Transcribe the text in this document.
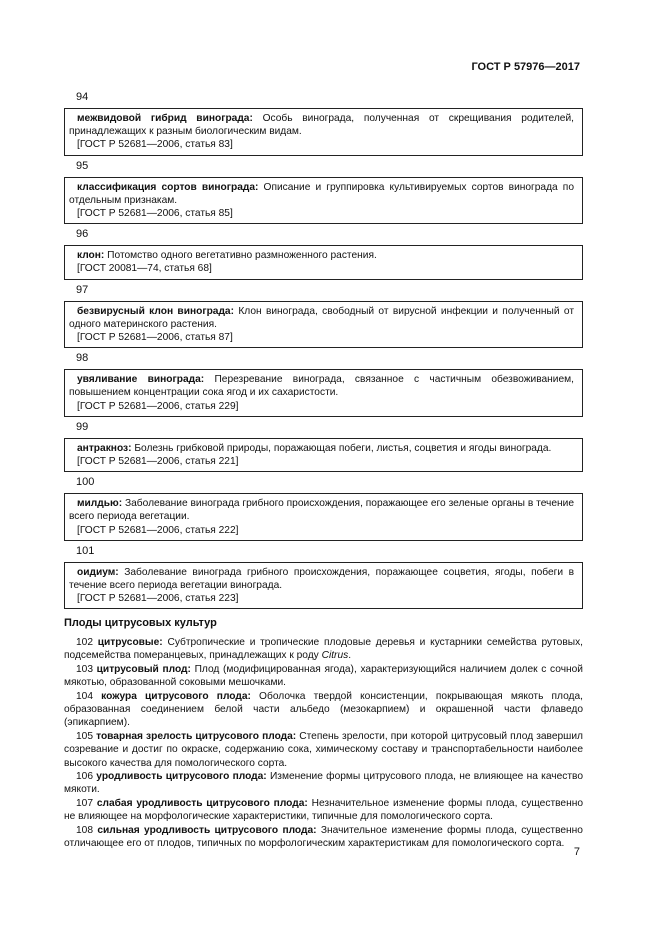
ГОСТ Р 57976—2017
94
межвидовой гибрид винограда: Особь винограда, полученная от скрещивания родителей, принадлежащих к разным биологическим видам.
[ГОСТ Р 52681—2006, статья 83]
95
классификация сортов винограда: Описание и группировка культивируемых сортов винограда по отдельным признакам.
[ГОСТ Р 52681—2006, статья 85]
96
клон: Потомство одного вегетативно размноженного растения.
[ГОСТ 20081—74, статья 68]
97
безвирусный клон винограда: Клон винограда, свободный от вирусной инфекции и полученный от одного материнского растения.
[ГОСТ Р 52681—2006, статья 87]
98
увяливание винограда: Перезревание винограда, связанное с частичным обезвоживанием, повышением концентрации сока ягод и их сахаристости.
[ГОСТ Р 52681—2006, статья 229]
99
антракноз: Болезнь грибковой природы, поражающая побеги, листья, соцветия и ягоды винограда.
[ГОСТ Р 52681—2006, статья 221]
100
милдью: Заболевание винограда грибного происхождения, поражающее его зеленые органы в течение всего периода вегетации.
[ГОСТ Р 52681—2006, статья 222]
101
оидиум: Заболевание винограда грибного происхождения, поражающее соцветия, ягоды, побеги в течение всего периода вегетации винограда.
[ГОСТ Р 52681—2006, статья 223]
Плоды цитрусовых культур

102 цитрусовые: Субтропические и тропические плодовые деревья и кустарники семейства рутовых, подсемейства померанцевых, принадлежащих к роду Citrus.

103 цитрусовый плод: Плод (модифицированная ягода), характеризующийся наличием долек с сочной мякотью, образованной соковыми мешочками.

104 кожура цитрусового плода: Оболочка твердой консистенции, покрывающая мякоть плода, образованная соединением белой части альбедо (мезокарпием) и окрашенной части флаведо (эпикарпием).

105 товарная зрелость цитрусового плода: Степень зрелости, при которой цитрусовый плод завершил созревание и достиг по окраске, содержанию сока, химическому составу и транспортабельности наиболее высокого качества для помологического сорта.

106 уродливость цитрусового плода: Изменение формы цитрусового плода, не влияющее на качество мякоти.

107 слабая уродливость цитрусового плода: Незначительное изменение формы плода, существенно не влияющее на морфологические характеристики, типичные для помологического сорта.

108 сильная уродливость цитрусового плода: Значительное изменение формы плода, существенно отличающее его от плодов, типичных по морфологическим характеристикам для помологического сорта.

7
